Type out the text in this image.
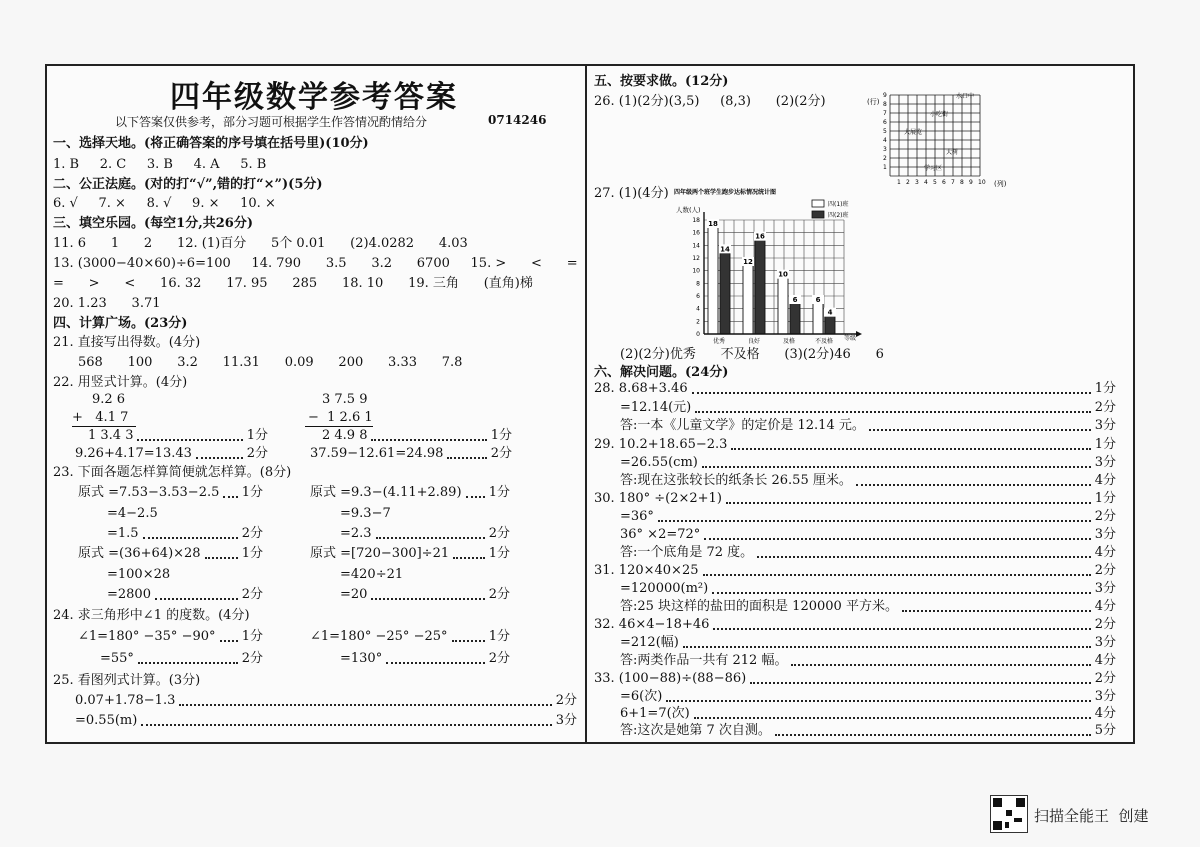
四年级数学参考答案
以下答案仅供参考，部分习题可根据学生作答情况酌情给分	0714246
一、选择天地。(将正确答案的序号填在括号里)(10分)
1. B     2. C     3. B     4. A     5. B
二、公正法庭。(对的打“√”,错的打“×”)(5分)
6. √     7. ×     8. √     9. ×     10. ×
三、填空乐园。(每空1分,共26分)
11. 6      1      2      12. (1)百分      5个 0.01      (2)4.0282      4.03
13. (3000−40×60)÷6=100     14. 790      3.5      3.2      6700     15. >      <      =
=      >      <      16. 32      17. 95      285      18. 10      19. 三角      (直角)梯
20. 1.23      3.71
四、计算广场。(23分)
21. 直接写出得数。(4分)
568      100      3.2      11.31      0.09      200      3.33      7.8
22. 用竖式计算。(4分)
9.2 6
+   4.1 7
1 3.4 3	1分
3 7.5 9
−  1 2.6 1
2 4.9 8	1分
9.26+4.17=13.43	2分	37.59−12.61=24.98	2分
23. 下面各题怎样算简便就怎样算。(8分)
原式 =7.53−3.53−2.5 1分
=4−2.5
=1.5	2分
原式 =9.3−(4.11+2.89) 1分
=9.3−7
=2.3	2分
原式 =(36+64)×28	1分
=100×28
=2800	2分
原式 =[720−300]÷21	1分
=420÷21
=20	2分
24. 求三角形中∠1 的度数。(4分)
∠1=180° −35° −90° 1分
=55°	2分
∠1=180° −25° −25°	1分
=130°	2分
25. 看图列式计算。(3分)
0.07+1.78−1.3	2分
=0.55(m)	3分
五、按要求做。(12分)
26. (1)(2分)(3,5)     (8,3)      (2)(2分)	(行)
(列)
水口中
大展览
小吃街
大树
学习区
1 2 3 4 5 6 7 8 9 10
1
2
3
4
5
6
7
8
9
27. (1)(4分) 四年级两个班学生跑步达标情况统计图
人数(人)
等级
18
14
12
16
10
6	6
4
0
2
4
6
8
10
12
14
16
18
优秀	良好	及格	不及格
四(1)班
四(2)班
(2)(2分)优秀      不及格      (3)(2分)46      6
六、解决问题。(24分)
28. 8.68+3.46	1分
=12.14(元)	2分
答:一本《儿童文学》的定价是 12.14 元。	3分
29. 10.2+18.65−2.3	1分
=26.55(cm)	3分
答:现在这张较长的纸条长 26.55 厘米。	4分
30. 180° ÷(2×2+1)	1分
=36°	2分
36° ×2=72°	3分
答:一个底角是 72 度。	4分
31. 120×40×25	2分
=120000(m²)	3分
答:25 块这样的盐田的面积是 120000 平方米。	4分
32. 46×4−18+46	2分
=212(幅)	3分
答:两类作品一共有 212 幅。	4分
33. (100−88)÷(88−86)	2分
=6(次)	3分
6+1=7(次)	4分
答:这次是她第 7 次自测。	5分
扫描全能王  创建
